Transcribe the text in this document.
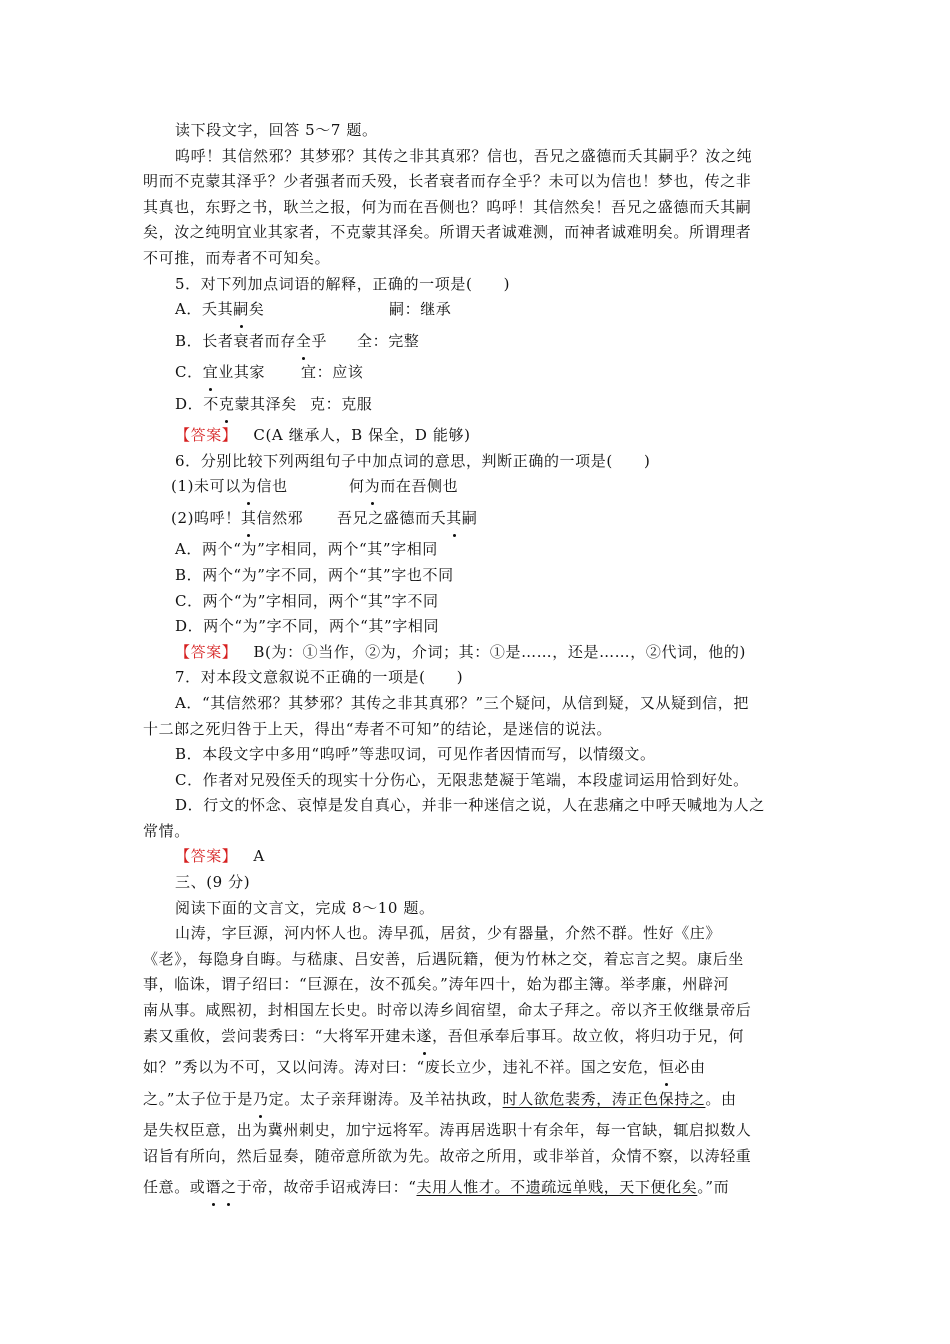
读下段文字，回答 5～7 题。
呜呼！其信然邪？其梦邪？其传之非其真邪？信也，吾兄之盛德而夭其嗣乎？汝之纯
明而不克蒙其泽乎？少者强者而夭殁，长者衰者而存全乎？未可以为信也！梦也，传之非
其真也，东野之书，耿兰之报，何为而在吾侧也？呜呼！其信然矣！吾兄之盛德而夭其嗣
矣，汝之纯明宜业其家者，不克蒙其泽矣。所谓天者诚难测，而神者诚难明矣。所谓理者
不可推，而寿者不可知矣。
5．对下列加点词语的解释，正确的一项是(　　)
A．夭其嗣矣	嗣：继承
B．长者衰者而存全乎 全：完整
C．宜业其家 宜：应该
D．不克蒙其泽矣 克：克服
【答案】 C(A 继承人，B 保全，D 能够)
6．分别比较下列两组句子中加点词的意思，判断正确的一项是(　　)
(1)未可以为信也	何为而在吾侧也
(2)呜呼！其信然邪 吾兄之盛德而夭其嗣
A．两个“为”字相同，两个“其”字相同
B．两个“为”字不同，两个“其”字也不同
C．两个“为”字相同，两个“其”字不同
D．两个“为”字不同，两个“其”字相同
【答案】 B(为：①当作，②为，介词；其：①是……，还是……，②代词，他的)
7．对本段文意叙说不正确的一项是(　　)
A．“其信然邪？其梦邪？其传之非其真邪？”三个疑问，从信到疑，又从疑到信，把
十二郎之死归咎于上天，得出“寿者不可知”的结论，是迷信的说法。
B．本段文字中多用“呜呼”等悲叹词，可见作者因情而写，以情缀文。
C．作者对兄殁侄夭的现实十分伤心，无限悲楚凝于笔端，本段虚词运用恰到好处。
D．行文的怀念、哀悼是发自真心，并非一种迷信之说，人在悲痛之中呼天喊地为人之
常情。
【答案】 A
三、(9 分)
阅读下面的文言文，完成 8～10 题。
山涛，字巨源，河内怀人也。涛早孤，居贫，少有器量，介然不群。性好《庄》
《老》，每隐身自晦。与嵇康、吕安善，后遇阮籍，便为竹林之交，着忘言之契。康后坐
事，临诛，谓子绍曰：“巨源在，汝不孤矣。”涛年四十，始为郡主簿。举孝廉，州辟河
南从事。咸熙初，封相国左长史。时帝以涛乡闾宿望，命太子拜之。帝以齐王攸继景帝后
素又重攸，尝问裴秀曰：“大将军开建未遂，吾但承奉后事耳。故立攸，将归功于兄，何
如？”秀以为不可，又以问涛。涛对曰：“废长立少，违礼不祥。国之安危，恒必由
之。”太子位于是乃定。太子亲拜谢涛。及羊祜执政，时人欲危裴秀，涛正色保持之。由
是失权臣意，出为冀州刺史，加宁远将军。涛再居选职十有余年，每一官缺，辄启拟数人
诏旨有所向，然后显奏，随帝意所欲为先。故帝之所用，或非举首，众情不察，以涛轻重
任意。或谮之于帝，故帝手诏戒涛曰：“夫用人惟才。不遗疏远单贱，天下便化矣。”而
